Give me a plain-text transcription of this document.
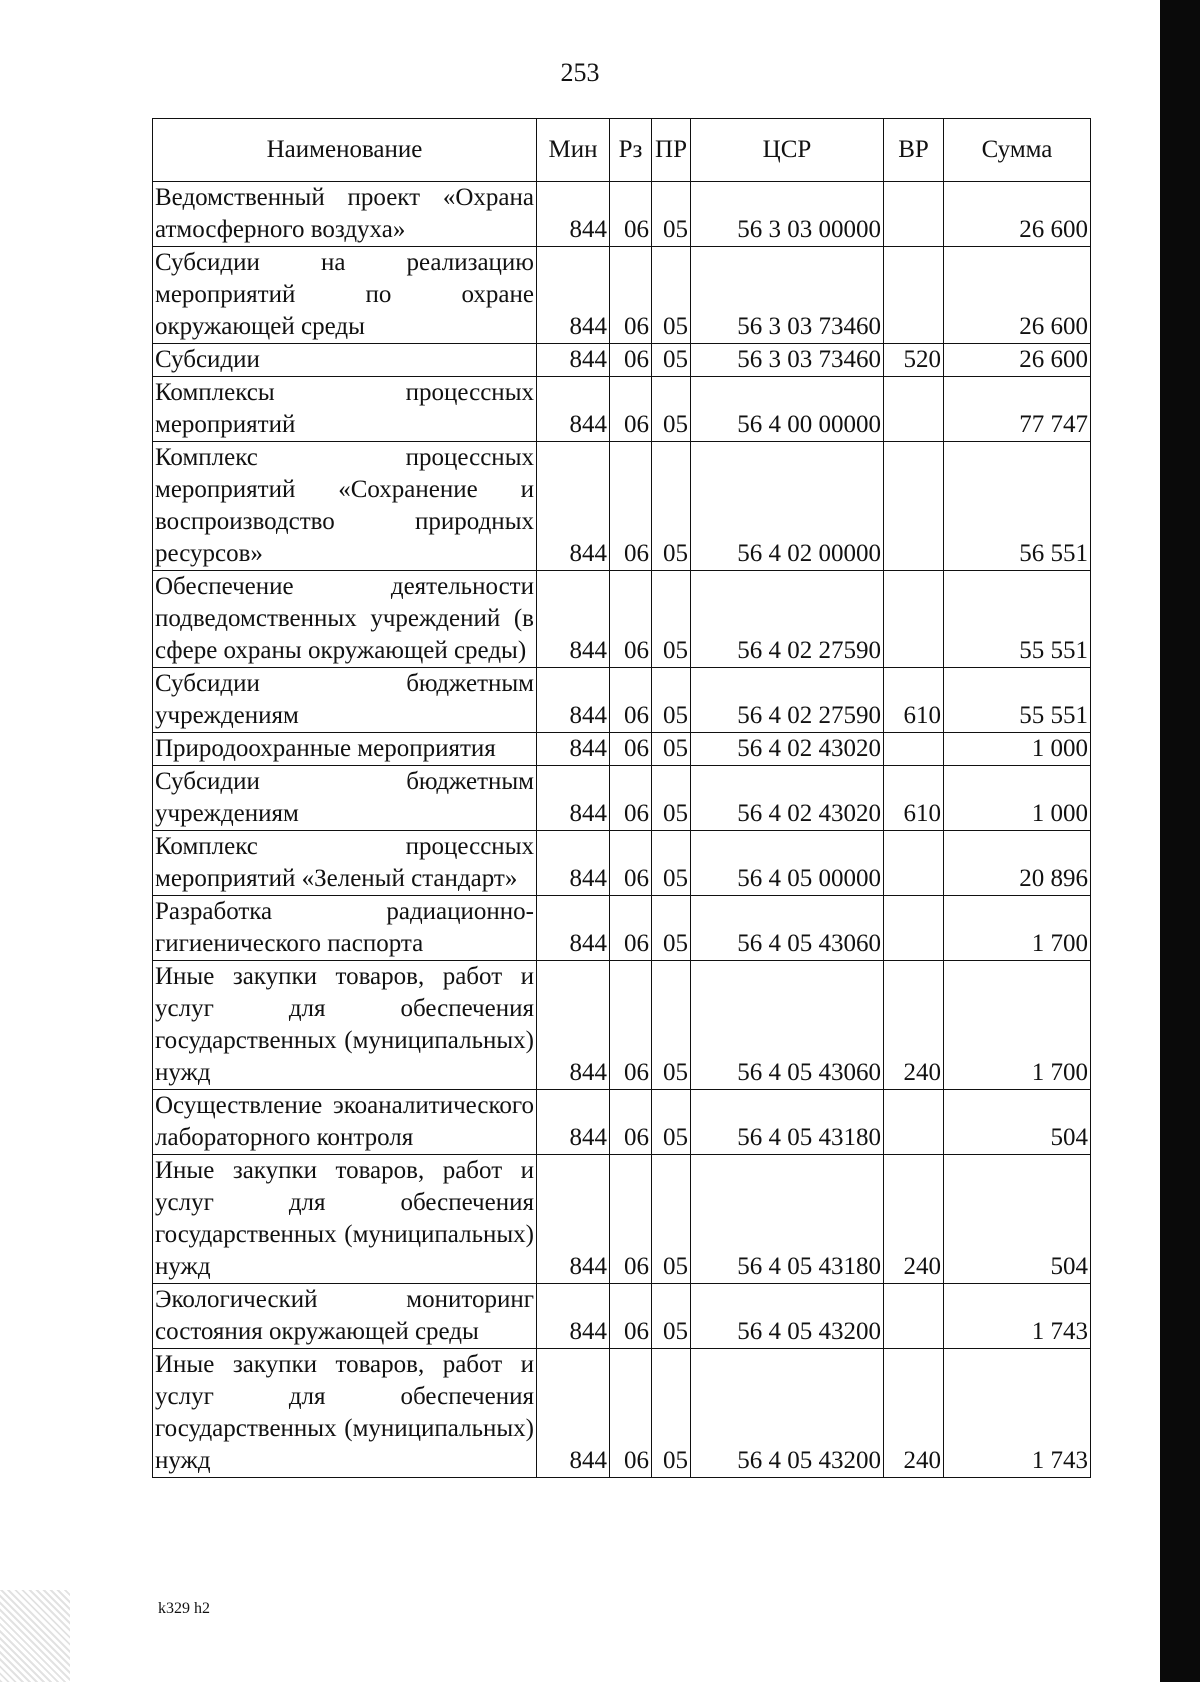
253
Наименование	Мин	Рз	ПР	ЦСР	ВР	Сумма
Ведомственный проект «Охрана атмосферного воздуха»	844	06	05	56 3 03 00000		26 600
Субсидии на реализацию мероприятий по охране окружающей среды	844	06	05	56 3 03 73460		26 600
Субсидии	844	06	05	56 3 03 73460	520	26 600
Комплексы процессных мероприятий	844	06	05	56 4 00 00000		77 747
Комплекс процессных мероприятий «Сохранение и воспроизводство природных ресурсов»	844	06	05	56 4 02 00000		56 551
Обеспечение деятельности подведомственных учреждений (в сфере охраны окружающей среды)	844	06	05	56 4 02 27590		55 551
Субсидии бюджетным учреждениям	844	06	05	56 4 02 27590	610	55 551
Природоохранные мероприятия	844	06	05	56 4 02 43020		1 000
Субсидии бюджетным учреждениям	844	06	05	56 4 02 43020	610	1 000
Комплекс процессных мероприятий «Зеленый стандарт»	844	06	05	56 4 05 00000		20 896
Разработка радиационно-гигиенического паспорта	844	06	05	56 4 05 43060		1 700
Иные закупки товаров, работ и услуг для обеспечения государственных (муниципальных) нужд	844	06	05	56 4 05 43060	240	1 700
Осуществление экоаналитического лабораторного контроля	844	06	05	56 4 05 43180		504
Иные закупки товаров, работ и услуг для обеспечения государственных (муниципальных) нужд	844	06	05	56 4 05 43180	240	504
Экологический мониторинг состояния окружающей среды	844	06	05	56 4 05 43200		1 743
Иные закупки товаров, работ и услуг для обеспечения государственных (муниципальных) нужд	844	06	05	56 4 05 43200	240	1 743
k329 h2
